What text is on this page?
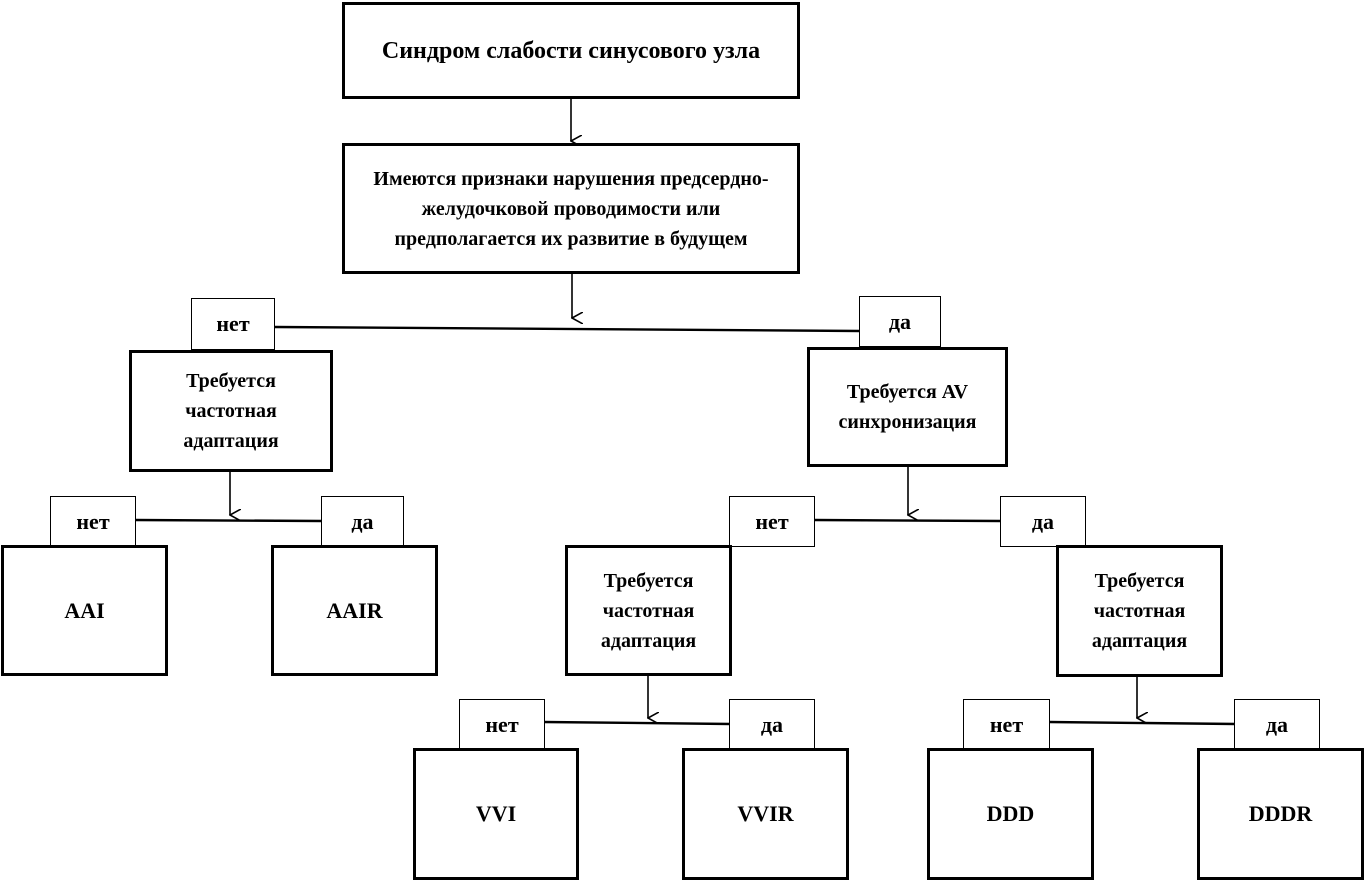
Синдром слабости синусового узла
Имеются признаки нарушения предсердно-желудочковой проводимости или предполагается их развитие в будущем
нет	да
Требуется частотная адаптация
Требуется AV синхронизация
нет	да
AAI	AAIR
нет	да
Требуется частотная адаптация
Требуется частотная адаптация
нет	да	нет	да
VVI	VVIR	DDD	DDDR
